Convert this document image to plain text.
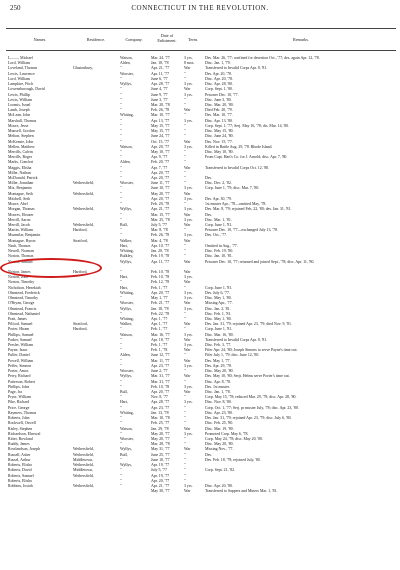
250	CONNECTICUT IN THE REVOLUTION.
Names.	Residence.	Company.
Date of Enlistment.	Term.	Remarks.
L——, Michael	Watson,	Mar. 24, '77	3 yrs.	Des. Mar. 26, '77; confined for desertion Oct., '77; des. again Apr. 12, '78.
Lord, William	Alden,	Jan. 18, '78	8 mos.	Disc. Jan. 1, '79.
Loveland, Thomas	Glastonbury,	"	Apr. 21, '77	War	Transferred to Invalid Corps Apr. 8, '81.
Lewis, Lawrence	Wooster,	Apr. 11, '77	"	Des. Apr. 20, '78.
Lord, William	"	June 6, '77	"	Disc. Apr. 20, '78.
Lampkire, Fitch	Wyllys,	Apr. 28, '77	3 yrs.	Disc. Apr. 28, '80.
Lowensborough, David	"	June 4, '77	War	Corp. Sept. 1, '80.
Lewis, Phillip	"	June 9, '77	3 yrs.	Prisoner Dec. 10, '77.
Lewis, William	"	June 3, '77	"	Disc. June 3, '80.
Loomis, Israel	"	Mar. 20, '78	"	Disc. Mar. 20, '80.
Lamb, Joseph	"	Feb. 26, '78	War	Died Feb. 20, '79.
McLean, John	Whiting,	Mar. 10, '77	"	Des. Mar. 10, '77.
Marshall, Thomas	"	Apr. 13, '77	3 yrs.	Disc. Apr. 13, '80.
Moore, Jesse	"	May 15, '77	"	Corp. Sept. 1, '77; Serj. May 16, '78; dis. Mar. 14, '80.
Munsell, Gordon	"	May 15, '77	"	Disc. May 15, '80.
Melton, Stephen	"	June 24, '77	"	Disc. June 24, '80.
McKensie, John	"	Oct. 15, '77	War	Des. Nov. 15, '77.
Mellen, Matthew	Watson,	Apr. 20, '77	3 yrs.	Killed in Battle Aug. 29, '78. Rhode Island.
Merrills, Calvin	"	May 10, '77	"	Disc. May 10, '80.
Merrills, Roger	"	Apr. 9, '77	"	From Capt. Hart's Co. for J. Arnold; disc. Apr. 7, '80.
Marks, Comfort	Alden,	Feb. 20, '77	"
Maggis, Elisha	"	Apr. 7, '77	War	Transferred to Invalid Corps Oct. 12, '80.
Miller, Nathan	"	Apr. 20, '77	"
McDonald, Patrick	"	Apr. 20, '77	"	Des.
Miller, Jonathan	Wethersfield,	Wooster,	June 11, '77	"	Disc. Dec. 2, '82.
Mix, Benjamin	"	June 10, '77	3 yrs.	Corp. June 1, '79; disc. Mar. 7, '80.
Montague, Seth	Wethersfield,	"	May 20, '77	War
Mitchell, Seth	"	Apr. 20, '77	3 yrs.	Des. Apr. 30, '79.
Moore, Abel	"	Feb. 20, '78	"	1st muster Apr., '78—omitted May, '78.
Morgan, Thomas	Wethersfield,	Wyllys,	Apr. 21, '77	3 yrs.	Des. Mar. 8, '79; rejoined Feb. 22, '80; des. Jan. 31, '81.
Moores, Eleazer	"	Mar. 15, '77	War	Des.
Merrill, Aaron	"	Mar. 25, '78	3 yrs.	Disc. Mar. 1, '81.
Merrill, Jacob	Wethersfield,	Bull,	July 5, '77	War	Corp. June 1, '81.
Martin, William	Hartford,	"	Mar. 8, '78	"	Prisoner Dec. 10, '77—exchanged July 13, '78.
Muzmilar, Benjamin	"	Feb. 26, '78	3 yrs.	Des. Oct., '77.
Montague, Byron	Stratford,	Walker,	Mar. 4, '78	War
Nash, Thomas	Hart,	Apr. 10, '77	"	Omitted in Aug., '77.
Newell, Norman	Whiting,	Jan. 20, '78	"	Disc. Feb. 19, '80.
Norton, Thomas	Bulkley,	Feb. 19, '78	"	Disc. Jan. 10, '81.
Norton, Samuel	Wyllys,	Apr. 11, '77	War	Prisoner Dec. 10, '77; returned and joined Sept., '78; disc. Apr. 11, '80.
Norton, James	Hartford,	"	Feb. 10, '78	War
Norton, John	Hart,	Feb. 10, '78	3 yrs.
Norton, Timothy	"	Feb. 12, '78	War
Nicholson, Hezekiah	Hart,	Feb. 1, '77	"	Corp. June 1, '81.
Olmstead, Frederick	Whiting,	Apr. 20, '77	3 yrs.	Des. July 6, '77.
Olmstead, Timothy	"	May 1, '77	3 yrs.	Disc. May 1, '80.
O'Bryan, George	Wooster,	Feb. 21, '77	War	Missing Apr., '77.
Olmstead, Francis	Wyllys,	Jan. 18, '78	3 yrs.	Disc. Jan. 2, '81.
Olmstead, Nathaniel	"	Feb. 22, '78	"	Disc. Feb. 1, '81.
Pratt, James	Whiting,	Apr. 1, '77	"	Disc. May 1, '80.
Pilford, Samuel	Stratford,	Walker,	Apr. 1, '77	War	Des. Jan. 31, '79; rejoined Apr. 23, '79; died Nov. 9, '81.
Porter, Hiram	Hartford,	"	Feb. 1, '77	"	Corp. June 1, '81.
Phillips, Samuel	Watson,	Mar. 16, '77	3 yrs.	Disc. Mar. 16, '80.
Parker, Samuel	"	Apr. 18, '77	War	Transferred to Invalid Corps Apr. 8, '81.
Presler, William	"	Feb. 1, '77	3 yrs.	Disc. Feb. 3, '77.
Payne, Isaac	"	Feb. 1, '78	War	Fifer Apr. 24, '80; Joseph Simons to serve Payne's time out.
Pulfer, Daniel	Alden,	June 12, '77	"	Fifer July 1, '79; disc. June 12, '80.
Powell, William	"	Mar. 11, '77	War	Des. May 1, '77.
Peffer, Simeon	"	Apr. 23, '77	3 yrs.	Des. Apr. 29, '78.
Porter, Amos	Wooster,	June 2, '77	"	Disc. May 20, '80.
Perry, Richard	Wyllys,	Mar. 31, '77	War	Des. May 10, '80; Serjt. Helms serve Porter's time out.
Patterson, Robert	"	Mar. 31, '77	"	Disc. Apr. 8, '78.
Phillips, John	"	Feb. 10, '78	3 yrs.	Des. 1st muster.
Page, Ira	Bull,	Apr. 20, '77	War	Disc. Jan. 1, '78.
Pryor, William	"	Nov. 8, '77	"	Corp. May 15, '78; reduced Mar. 29, '79; disc. Apr. 28, '80.
Pike, Richard	Hart,	Apr. 28, '77	3 yrs.	Disc. Nov. 8, '80.
Price, George	"	Apr. 23, '77	"	Corp. Oct. 1, '77; Serj. pr muster July, '78; disc. Apr. 23, '80.
Raymers, Thomas	Whiting,	Jan. 13, '78	"	Disc. Apr. 23, '80.
Roberts, John	"	Mar. 10, '78	"	Des. Jan. 31, '79; rejoined Apr. 23, '79; disc. July 6, '80.
Rockwell, Oswell	"	Feb. 25, '77	"	Disc. Feb. 25, '80.
Risley, Stephen	Watson,	Jan. 29, '78	War	Disc. Mar. 19, '80.
Richardson, Elnewal	"	May 20, '77	3 yrs.	Promoted Corp. May 6, '78.
Ritter, Rowland	Wooster,	May 20, '77	"	Corp. May 24, '78; disc. May 20, '80.
Ruddy, James	"	Mar. 28, '78	"	Disc. May 20, '80.
Rowlandson, Joseph	Wethersfield,	Wyllys,	May 31, '77	War	Missing Nov., '77.
Russell, Asher	Wethersfield,	Bull,	June 25, '77	"	Des.
Russel, Arthur	Middletown,	"	June 10, '77	"	Des. Feb. 18, '79; rejoined July, '80.
Roberts, Elisha	Wethersfield,	Wyllys,	Apr. 19, '77	"
Roberts, David	Middletown,	"	July 5, '77	"	Corp. Sept. 21, '82.
Roberts, Samuel	Wethersfield,	"	Apr. 19, '77	"
Roberts, Elisha	"	Apr. 20, '77	"
Robbins, Josiah	Wethersfield,	"	Apr. 21, '77	3 yrs.	Disc. Apr. 20, '80.
May 30, '77	War	Transferred to Sappers and Miners Mar. 1, '81.
